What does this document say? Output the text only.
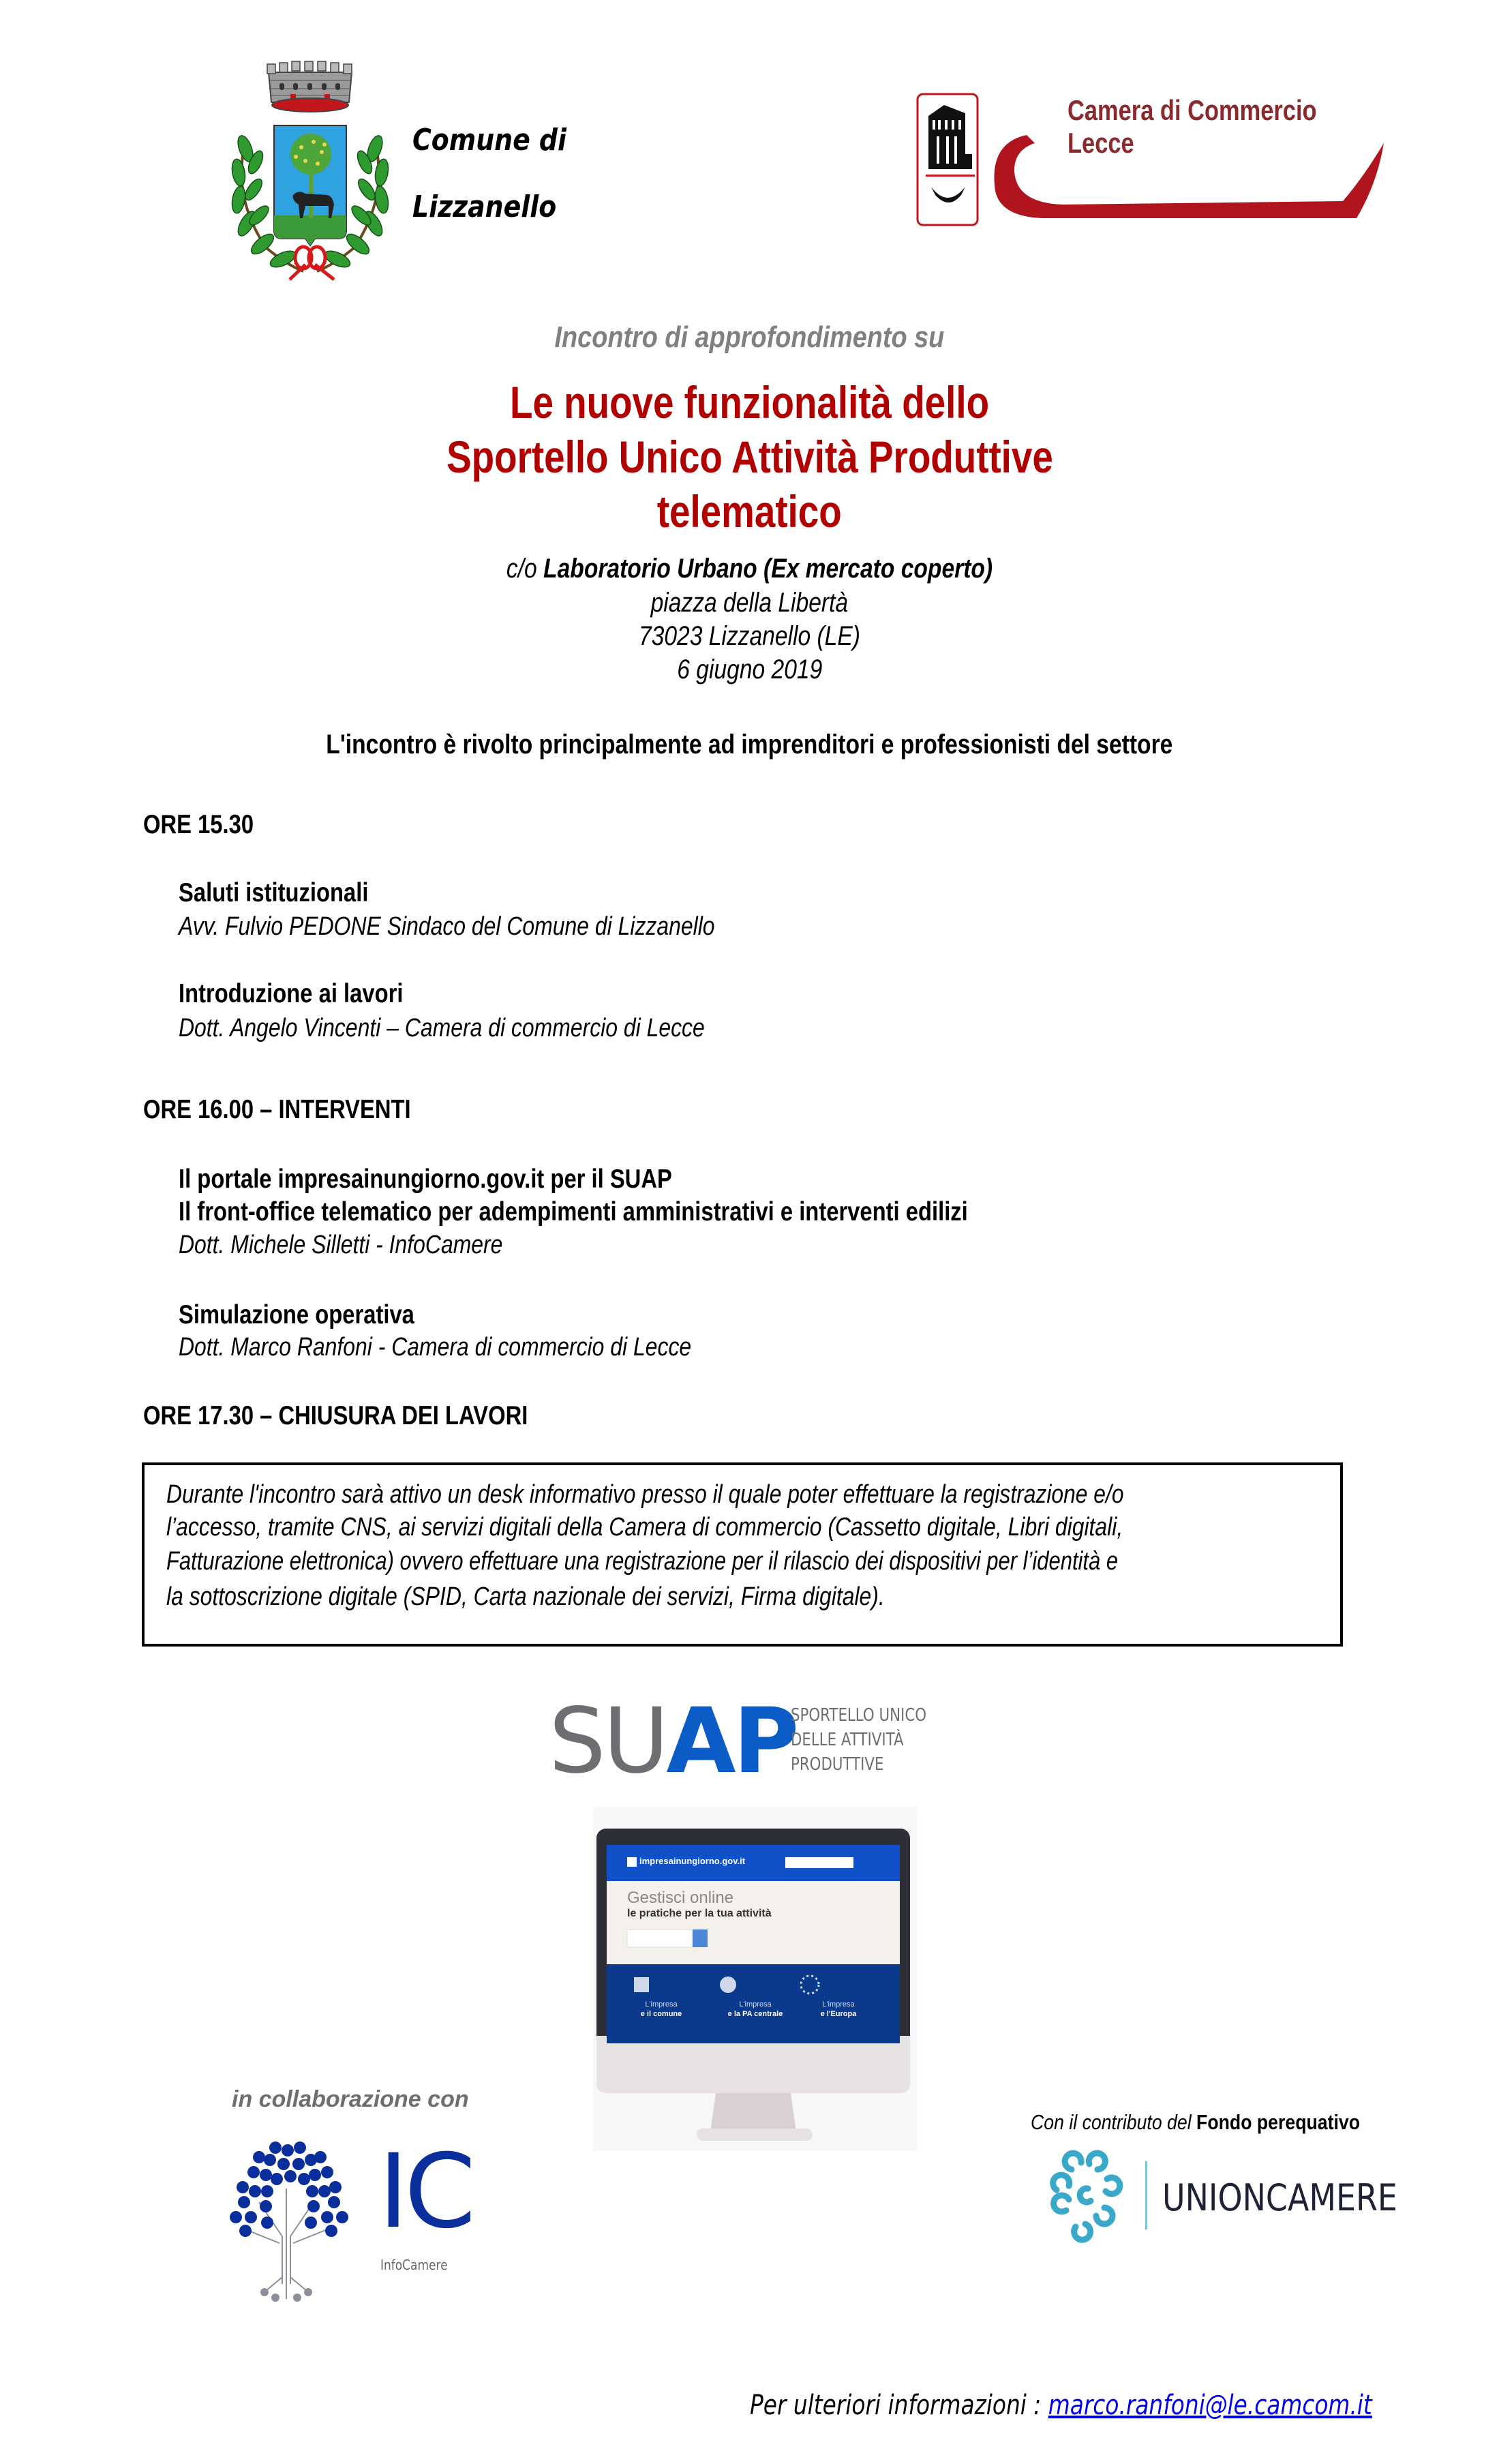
Comune di
Lizzanello
Camera di Commercio
Lecce
Incontro di approfondimento su
Le nuove funzionalità dello
Sportello Unico Attività Produttive
telematico
c/o Laboratorio Urbano (Ex mercato coperto)
piazza della Libertà
73023 Lizzanello (LE)
6 giugno 2019
L'incontro è rivolto principalmente ad imprenditori e professionisti del settore
ORE 15.30
Saluti istituzionali
Avv. Fulvio PEDONE Sindaco del Comune di Lizzanello
Introduzione ai lavori
Dott. Angelo Vincenti – Camera di commercio di Lecce
ORE 16.00 – INTERVENTI
Il portale impresainungiorno.gov.it per il SUAP
Il front-office telematico per adempimenti amministrativi e interventi edilizi
Dott. Michele Silletti - InfoCamere
Simulazione operativa
Dott. Marco Ranfoni - Camera di commercio di Lecce
ORE 17.30 – CHIUSURA DEI LAVORI
Durante l'incontro sarà attivo un desk informativo presso il quale poter effettuare la registrazione e/o
l’accesso, tramite CNS, ai servizi digitali della Camera di commercio (Cassetto digitale, Libri digitali,
Fatturazione elettronica) ovvero effettuare una registrazione per il rilascio dei dispositivi per l’identità e
la sottoscrizione digitale (SPID, Carta nazionale dei servizi, Firma digitale).
SUAP
SPORTELLO UNICO
DELLE ATTIVITÀ
PRODUTTIVE
impresainungiorno.gov.it
Gestisci online
le pratiche per la tua attività
L'impresa
e il comune
L'impresa
e la PA centrale
L'impresa
e l'Europa
in collaborazione con
IC
InfoCamere
Con il contributo del Fondo perequativo
UNIONCAMERE
Per ulteriori informazioni : marco.ranfoni@le.camcom.it
